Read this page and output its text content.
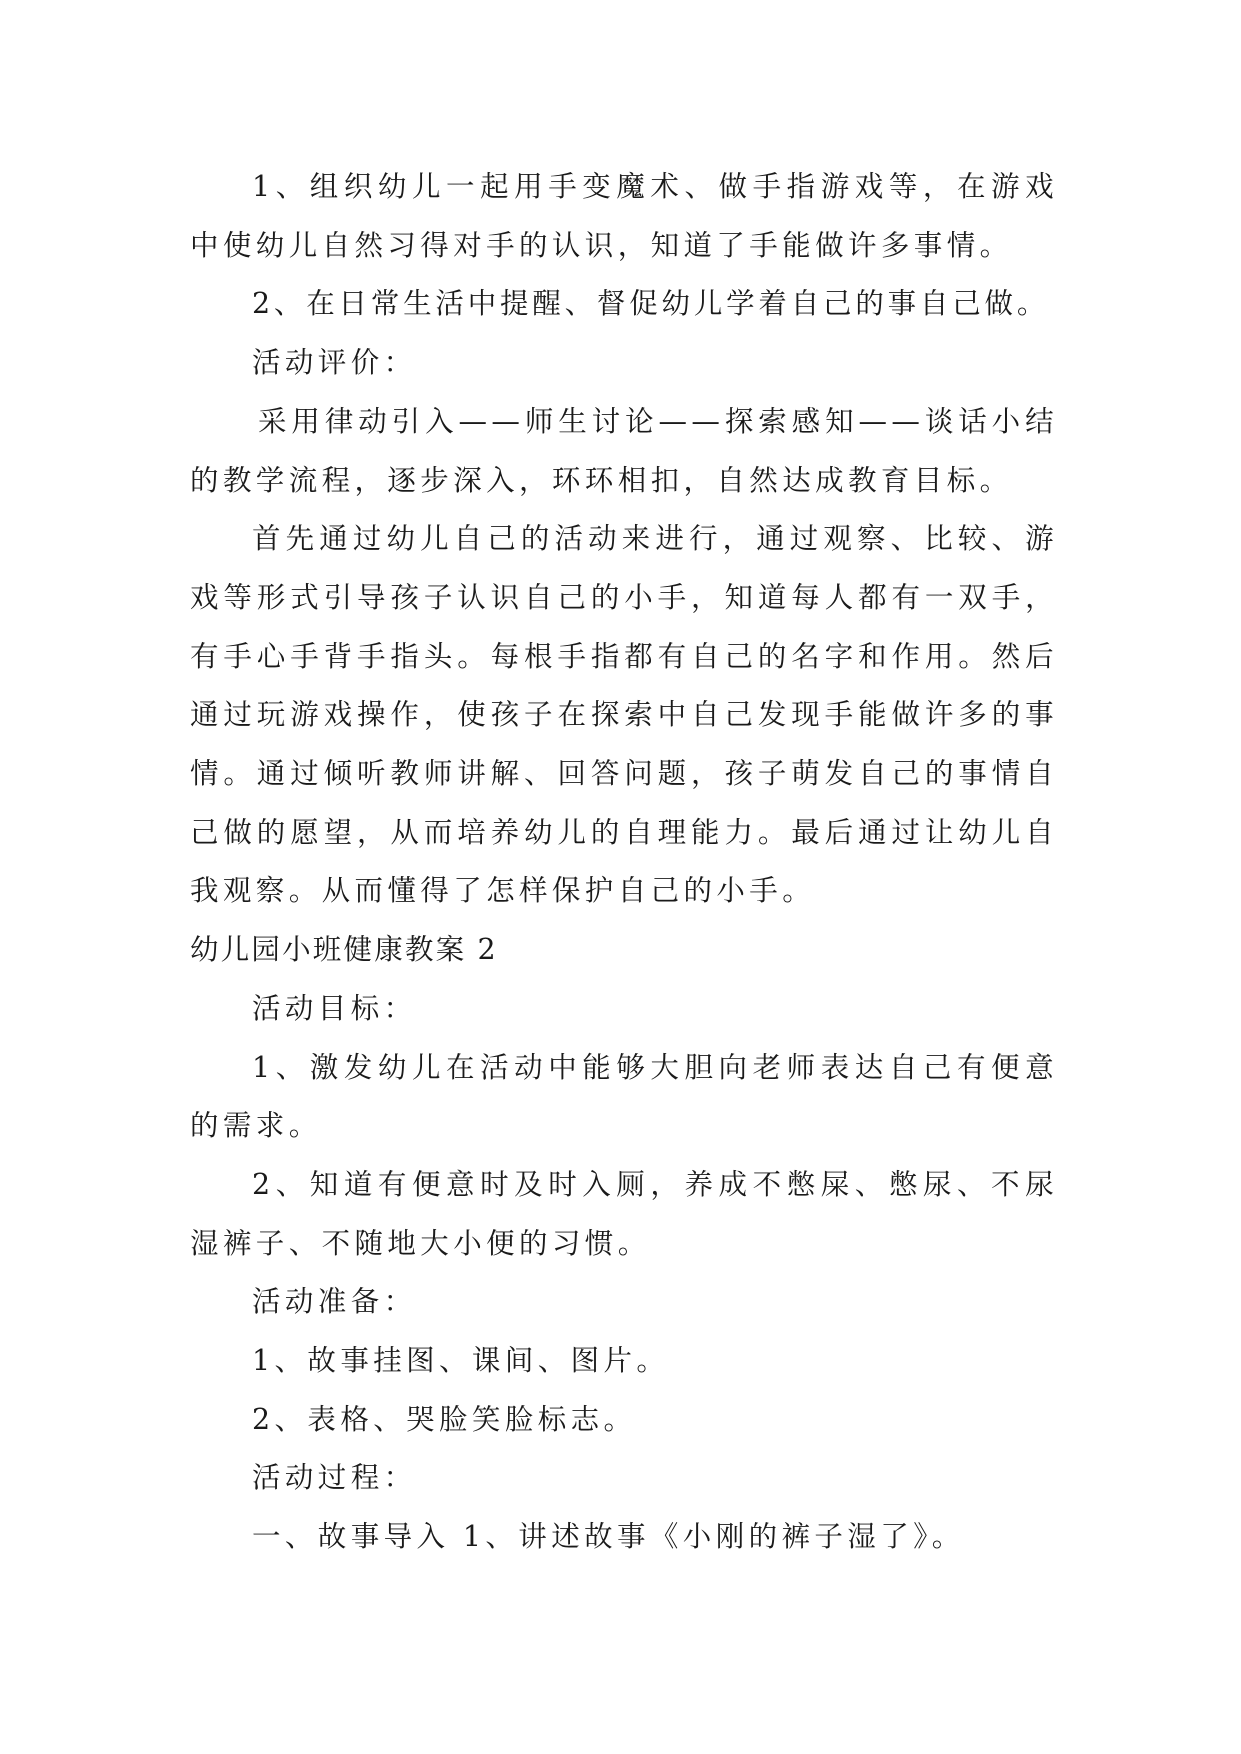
1、组织幼儿一起用手变魔术、做手指游戏等，在游戏中使幼儿自然习得对手的认识，知道了手能做许多事情。

2、在日常生活中提醒、督促幼儿学着自己的事自己做。

活动评价：

采用律动引入——师生讨论——探索感知——谈话小结的教学流程，逐步深入，环环相扣，自然达成教育目标。

首先通过幼儿自己的活动来进行，通过观察、比较、游戏等形式引导孩子认识自己的小手，知道每人都有一双手，有手心手背手指头。每根手指都有自己的名字和作用。然后通过玩游戏操作，使孩子在探索中自己发现手能做许多的事情。通过倾听教师讲解、回答问题，孩子萌发自己的事情自己做的愿望，从而培养幼儿的自理能力。最后通过让幼儿自我观察。从而懂得了怎样保护自己的小手。

幼儿园小班健康教案 2

活动目标：

1、激发幼儿在活动中能够大胆向老师表达自己有便意的需求。

2、知道有便意时及时入厕，养成不憋屎、憋尿、不尿湿裤子、不随地大小便的习惯。

活动准备：

1、故事挂图、课间、图片。

2、表格、哭脸笑脸标志。

活动过程：

一、故事导入 1、讲述故事《小刚的裤子湿了》。
